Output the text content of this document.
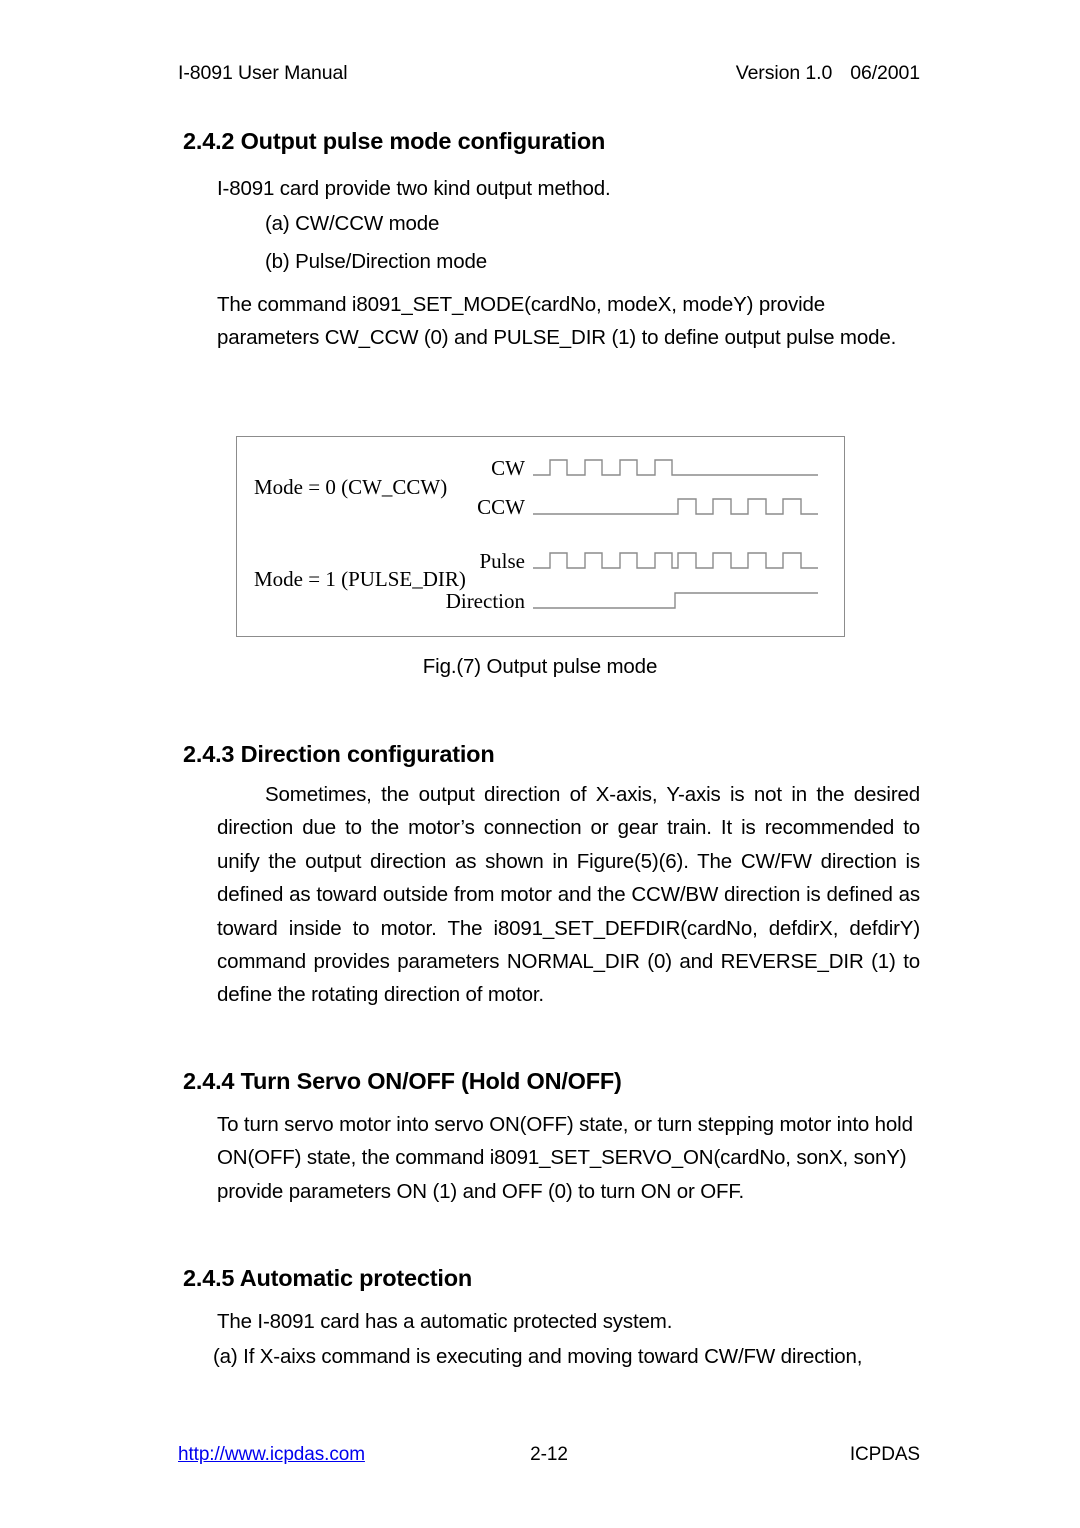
I-8091 User Manual	Version 1.0 06/2001
2.4.2 Output pulse mode configuration
I-8091 card provide two kind output method.
(a) CW/CCW mode
(b) Pulse/Direction mode
The command i8091_SET_MODE(cardNo, modeX, modeY) provide parameters CW_CCW (0) and PULSE_DIR (1) to define output pulse mode.
Mode = 0 (CW_CCW)
Mode = 1 (PULSE_DIR)
CW
CCW
Pulse
Direction
Fig.(7) Output pulse mode
2.4.3 Direction configuration
Sometimes, the output direction of X-axis, Y-axis is not in the desired direction due to the motor’s connection or gear train. It is recommended to unify the output direction as shown in Figure(5)(6). The CW/FW direction is defined as toward outside from motor and the CCW/BW direction is defined as toward inside to motor. The i8091_SET_DEFDIR(cardNo, defdirX, defdirY) command provides parameters NORMAL_DIR (0) and REVERSE_DIR (1) to define the rotating direction of motor.
2.4.4 Turn Servo ON/OFF (Hold ON/OFF)
To turn servo motor into servo ON(OFF) state, or turn stepping motor into hold ON(OFF) state, the command i8091_SET_SERVO_ON(cardNo, sonX, sonY) provide parameters ON (1) and OFF (0) to turn ON or OFF.
2.4.5 Automatic protection
The I-8091 card has a automatic protected system.
(a) If X-aixs command is executing and moving toward CW/FW direction,
http://www.icpdas.com	2-12	ICPDAS
